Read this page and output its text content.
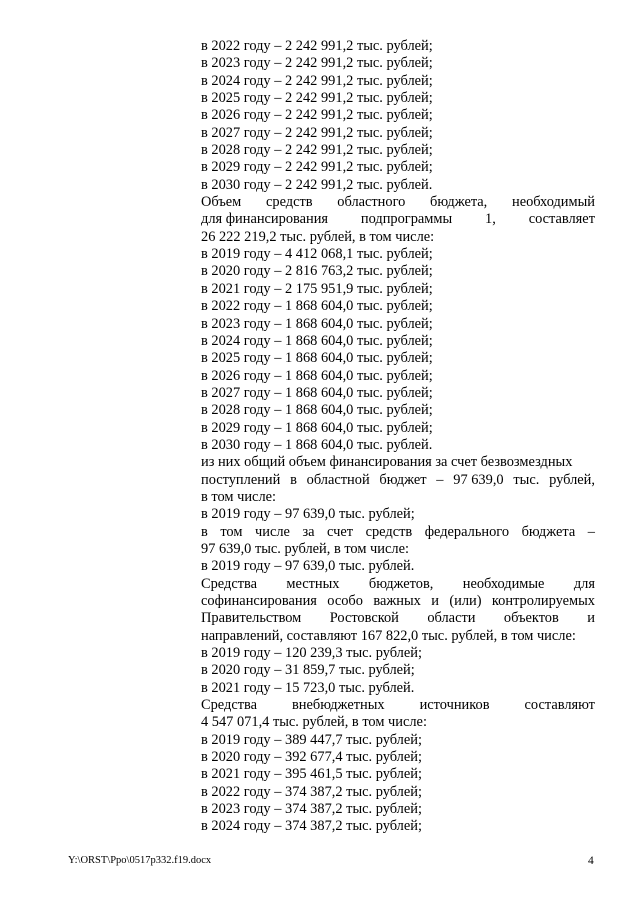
в 2022 году – 2 242 991,2 тыс. рублей;
в 2023 году – 2 242 991,2 тыс. рублей;
в 2024 году – 2 242 991,2 тыс. рублей;
в 2025 году – 2 242 991,2 тыс. рублей;
в 2026 году – 2 242 991,2 тыс. рублей;
в 2027 году – 2 242 991,2 тыс. рублей;
в 2028 году – 2 242 991,2 тыс. рублей;
в 2029 году – 2 242 991,2 тыс. рублей;
в 2030 году – 2 242 991,2 тыс. рублей.
Объем средств областного бюджета, необходимый
для финансирования подпрограммы 1, составляет
26 222 219,2 тыс. рублей, в том числе:
в 2019 году – 4 412 068,1 тыс. рублей;
в 2020 году – 2 816 763,2 тыс. рублей;
в 2021 году – 2 175 951,9 тыс. рублей;
в 2022 году – 1 868 604,0 тыс. рублей;
в 2023 году – 1 868 604,0 тыс. рублей;
в 2024 году – 1 868 604,0 тыс. рублей;
в 2025 году – 1 868 604,0 тыс. рублей;
в 2026 году – 1 868 604,0 тыс. рублей;
в 2027 году – 1 868 604,0 тыс. рублей;
в 2028 году – 1 868 604,0 тыс. рублей;
в 2029 году – 1 868 604,0 тыс. рублей;
в 2030 году – 1 868 604,0 тыс. рублей.
из них общий объем финансирования за счет безвозмездных
поступлений в областной бюджет – 97 639,0 тыс. рублей,
в том числе:
в 2019 году – 97 639,0 тыс. рублей;
в том числе за счет средств федерального бюджета –
97 639,0 тыс. рублей, в том числе:
в 2019 году – 97 639,0 тыс. рублей.
Средства местных бюджетов, необходимые для
софинансирования особо важных и (или) контролируемых
Правительством Ростовской области объектов и
направлений, составляют 167 822,0 тыс. рублей, в том числе:
в 2019 году – 120 239,3 тыс. рублей;
в 2020 году – 31 859,7 тыс. рублей;
в 2021 году – 15 723,0 тыс. рублей.
Средства внебюджетных источников составляют
4 547 071,4 тыс. рублей, в том числе:
в 2019 году – 389 447,7 тыс. рублей;
в 2020 году – 392 677,4 тыс. рублей;
в 2021 году – 395 461,5 тыс. рублей;
в 2022 году – 374 387,2 тыс. рублей;
в 2023 году – 374 387,2 тыс. рублей;
в 2024 году – 374 387,2 тыс. рублей;
Y:\ORST\Ppo\0517p332.f19.docx	4
